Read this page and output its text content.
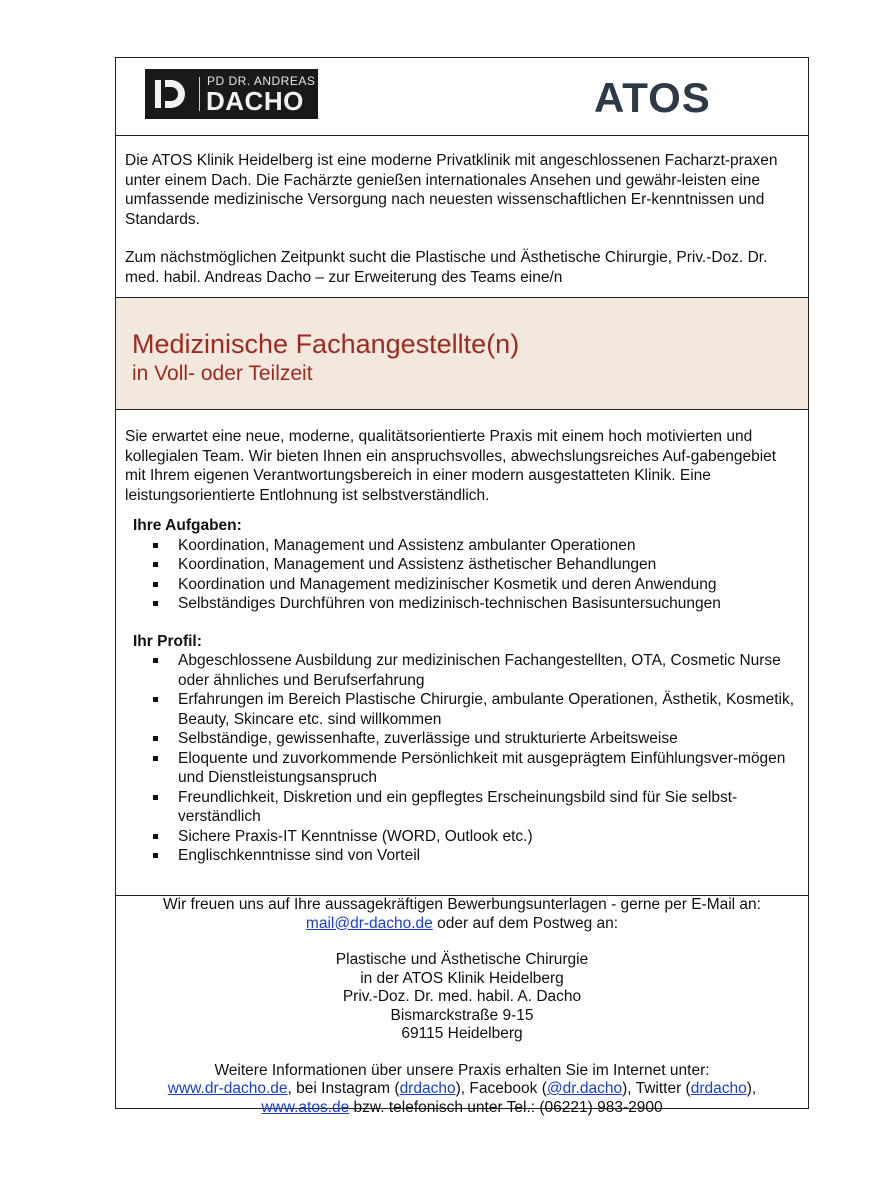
PD DR. ANDREAS
DACHO	ATOS

Die ATOS Klinik Heidelberg ist eine moderne Privatklinik mit angeschlossenen Facharzt-praxen unter einem Dach. Die Fachärzte genießen internationales Ansehen und gewähr-leisten eine umfassende medizinische Versorgung nach neuesten wissenschaftlichen Er-kenntnissen und Standards.

Zum nächstmöglichen Zeitpunkt sucht die Plastische und Ästhetische Chirurgie, Priv.-Doz. Dr. med. habil. Andreas Dacho – zur Erweiterung des Teams eine/n

Medizinische Fachangestellte(n)
in Voll- oder Teilzeit

Sie erwartet eine neue, moderne, qualitätsorientierte Praxis mit einem hoch motivierten und kollegialen Team. Wir bieten Ihnen ein anspruchsvolles, abwechslungsreiches Auf-gabengebiet mit Ihrem eigenen Verantwortungsbereich in einer modern ausgestatteten Klinik. Eine leistungsorientierte Entlohnung ist selbstverständlich.

Ihre Aufgaben:
Koordination, Management und Assistenz ambulanter Operationen
Koordination, Management und Assistenz ästhetischer Behandlungen
Koordination und Management medizinischer Kosmetik und deren Anwendung
Selbständiges Durchführen von medizinisch-technischen Basisuntersuchungen
Ihr Profil:
Abgeschlossene Ausbildung zur medizinischen Fachangestellten, OTA, Cosmetic Nurse oder ähnliches und Berufserfahrung
Erfahrungen im Bereich Plastische Chirurgie, ambulante Operationen, Ästhetik, Kosmetik, Beauty, Skincare etc. sind willkommen
Selbständige, gewissenhafte, zuverlässige und strukturierte Arbeitsweise
Eloquente und zuvorkommende Persönlichkeit mit ausgeprägtem Einfühlungsver-mögen und Dienstleistungsanspruch
Freundlichkeit, Diskretion und ein gepflegtes Erscheinungsbild sind für Sie selbst-verständlich
Sichere Praxis-IT Kenntnisse (WORD, Outlook etc.)
Englischkenntnisse sind von Vorteil

Wir freuen uns auf Ihre aussagekräftigen Bewerbungsunterlagen - gerne per E-Mail an:

mail@dr-dacho.de oder auf dem Postweg an:

Plastische und Ästhetische Chirurgie

in der ATOS Klinik Heidelberg

Priv.-Doz. Dr. med. habil. A. Dacho

Bismarckstraße 9-15

69115 Heidelberg

Weitere Informationen über unsere Praxis erhalten Sie im Internet unter:

www.dr-dacho.de, bei Instagram (drdacho), Facebook (@dr.dacho), Twitter (drdacho),

www.atos.de bzw. telefonisch unter Tel.: (06221) 983-2900
